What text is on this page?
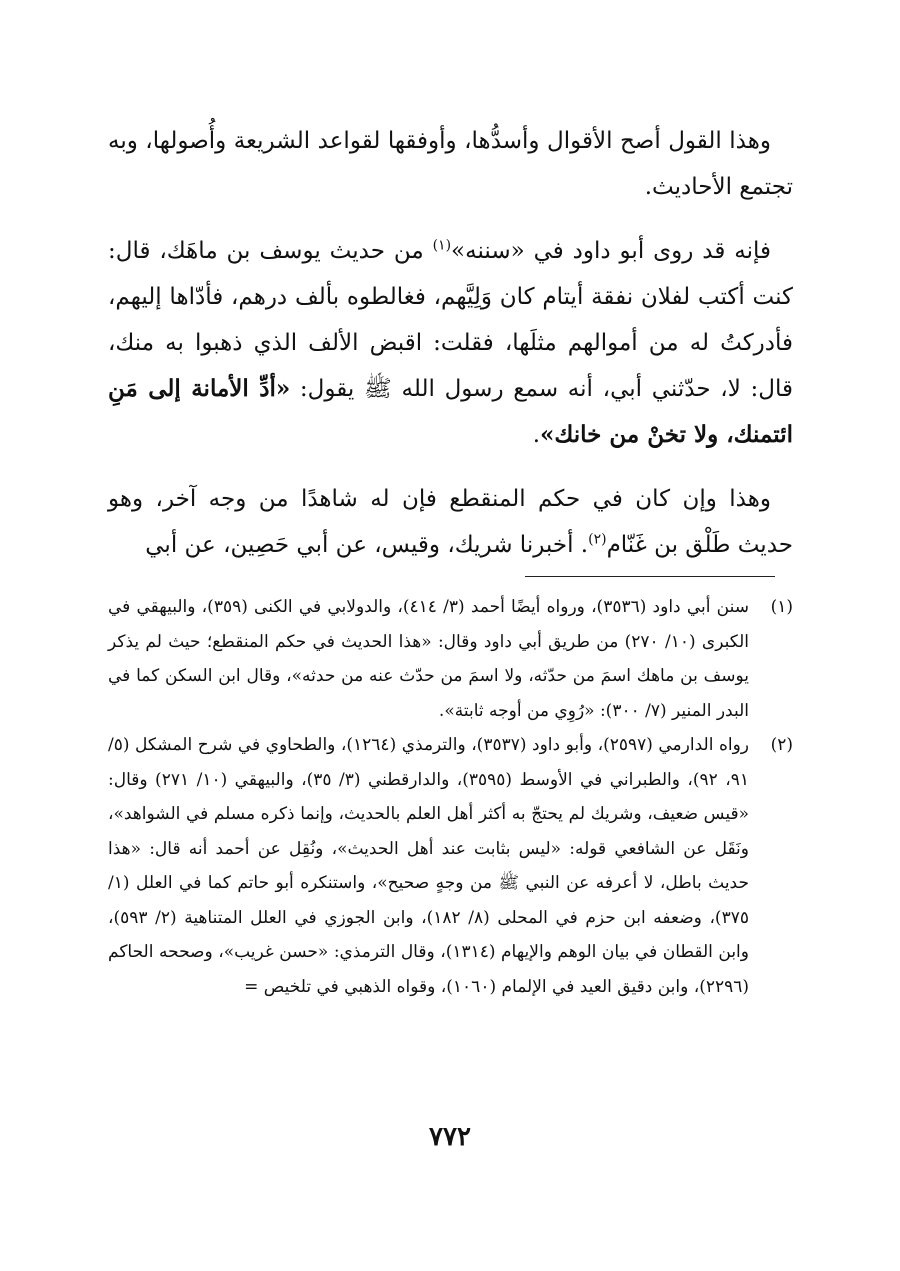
وهذا القول أصح الأقوال وأسدُّها، وأوفقها لقواعد الشريعة وأُصولها، وبه تجتمع الأحاديث.

فإنه قد روى أبو داود في «سننه»$^{(١)}$ من حديث يوسف بن ماهَك، قال: كنت أكتب لفلان نفقة أيتام كان وَلِيَّهم، فغالطوه بألف درهم، فأدّاها إليهم، فأدركتُ له من أموالهم مثلَها، فقلت: اقبض الألف الذي ذهبوا به منك، قال: لا، حدّثني أبي، أنه سمع رسول الله ﷺ يقول: «أدِّ الأمانة إلى مَنِ ائتمنك، ولا تخنْ من خانك».

وهذا وإن كان في حكم المنقطع فإن له شاهدًا من وجه آخر، وهو حديث طَلْق بن غَنّام$^{(٢)}$. أخبرنا شريك، وقيس، عن أبي حَصِين، عن أبي

(١)
سنن أبي داود (٣٥٣٦)، ورواه أيضًا أحمد (٣/ ٤١٤)، والدولابي في الكنى (٣٥٩)، والبيهقي في الكبرى (١٠/ ٢٧٠) من طريق أبي داود وقال: «هذا الحديث في حكم المنقطع؛ حيث لم يذكر يوسف بن ماهك اسمَ من حدّثه، ولا اسمَ من حدّث عنه من حدثه»، وقال ابن السكن كما في البدر المنير (٧/ ٣٠٠): «رُوِي من أوجه ثابتة».
(٢)
رواه الدارمي (٢٥٩٧)، وأبو داود (٣٥٣٧)، والترمذي (١٢٦٤)، والطحاوي في شرح المشكل (٥/ ٩١، ٩٢)، والطبراني في الأوسط (٣٥٩٥)، والدارقطني (٣/ ٣٥)، والبيهقي (١٠/ ٢٧١) وقال: «قيس ضعيف، وشريك لم يحتجّ به أكثر أهل العلم بالحديث، وإنما ذكره مسلم في الشواهد»، ونَقَل عن الشافعي قوله: «ليس بثابت عند أهل الحديث»، ونُقِل عن أحمد أنه قال: «هذا حديث باطل، لا أعرفه عن النبي ﷺ من وجهٍ صحيح»، واستنكره أبو حاتم كما في العلل (١/ ٣٧٥)، وضعفه ابن حزم في المحلى (٨/ ١٨٢)، وابن الجوزي في العلل المتناهية (٢/ ٥٩٣)، وابن القطان في بيان الوهم والإيهام (١٣١٤)، وقال الترمذي: «حسن غريب»، وصححه الحاكم (٢٢٩٦)، وابن دقيق العيد في الإلمام (١٠٦٠)، وقواه الذهبي في تلخيص =
٧٧٢
